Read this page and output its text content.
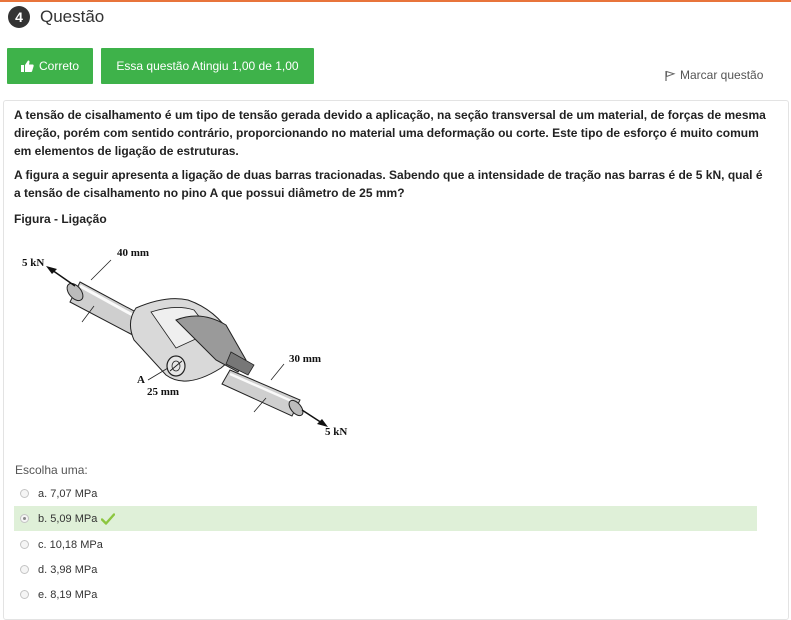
4	Questão
Correto	Essa questão Atingiu 1,00 de 1,00
Marcar questão

A tensão de cisalhamento é um tipo de tensão gerada devido a aplicação, na seção transversal de um material, de forças de mesma direção, porém com sentido contrário, proporcionando no material uma deformação ou corte. Este tipo de esforço é muito comum em elementos de ligação de estruturas.

A figura a seguir apresenta a ligação de duas barras tracionadas. Sabendo que a intensidade de tração nas barras é de 5 kN, qual é a tensão de cisalhamento no pino A que possui diâmetro de 25 mm?

Figura - Ligação

5 kN
40 mm
30 mm
A
25 mm
5 kN
Escolha uma:
a. 7,07 MPa
b. 5,09 MPa
c. 10,18 MPa
d. 3,98 MPa
e. 8,19 MPa
